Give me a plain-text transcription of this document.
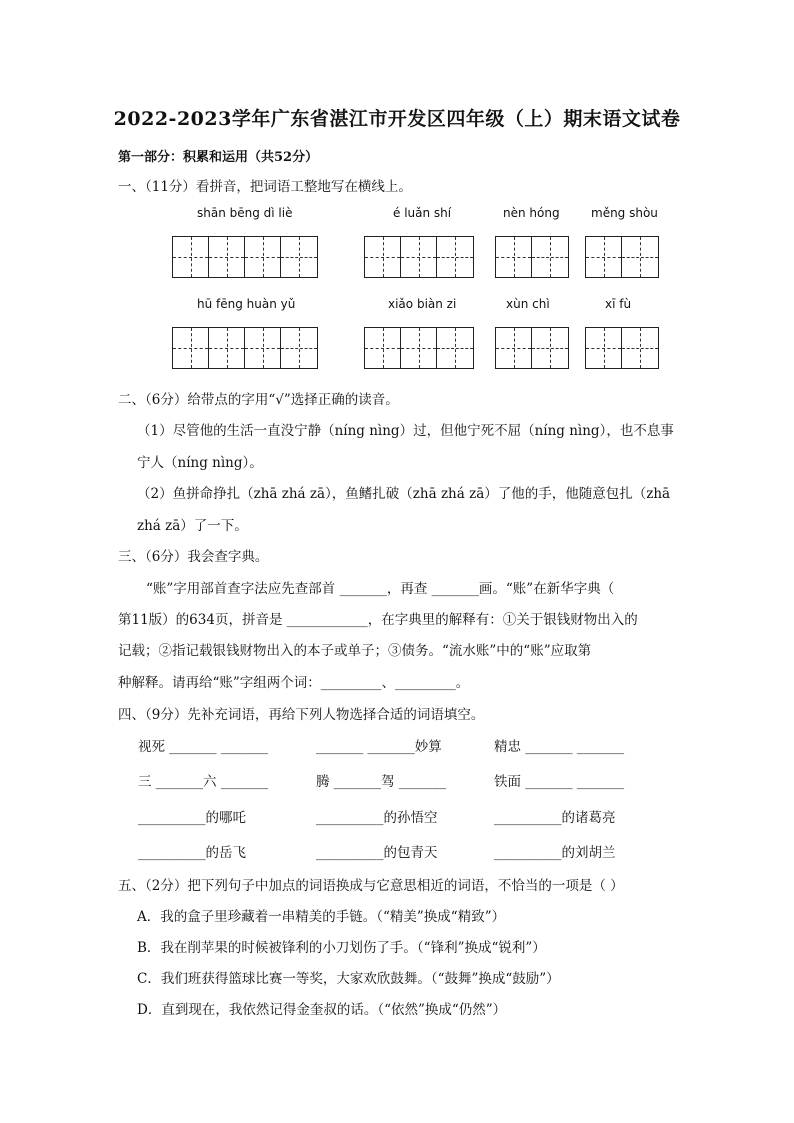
2022-2023学年广东省湛江市开发区四年级（上）期末语文试卷
第一部分：积累和运用（共52分）
一、（11分）看拼音，把词语工整地写在横线上。
shān bēng dì liè	é luǎn shí	nèn hóng	měng shòu
hū fēng huàn yǔ	xiǎo biàn zi	xùn chì	xī fù
二、（6分）给带点的字用“√”选择正确的读音。
（1）尽管他的生活一直没宁静（níng nìng）过，但他宁死不屈（níng nìng），也不息事
宁人（níng nìng）。
（2）鱼拼命挣扎（zhā zhá zā），鱼鳍扎破（zhā zhá zā）了他的手，他随意包扎（zhā
zhá zā）了一下。
三、（6分）我会查字典。
“账”字用部首查字法应先查部首 _______，再查 _______画。“账”在新华字典（
第11版）的634页，拼音是 ____________，在字典里的解释有：①关于银钱财物出入的
记载；②指记载银钱财物出入的本子或单子；③债务。“流水账”中的“账”应取第
种解释。请再给“账”字组两个词：_________、_________。
四、（9分）先补充词语，再给下列人物选择合适的词语填空。
视死 _______ _______	_______ _______妙算	精忠 _______ _______
三 _______六 _______	腾 _______驾 _______	铁面 _______ _______
__________的哪吒	__________的孙悟空	__________的诸葛亮
__________的岳飞	__________的包青天	__________的刘胡兰
五、（2分）把下列句子中加点的词语换成与它意思相近的词语，不恰当的一项是（ ）
A．我的盒子里珍藏着一串精美的手链。（“精美”换成“精致”）
B．我在削苹果的时候被锋利的小刀划伤了手。（“锋利”换成“锐利”）
C．我们班获得篮球比赛一等奖，大家欢欣鼓舞。（“鼓舞”换成“鼓励”）
D．直到现在，我依然记得金奎叔的话。（“依然”换成“仍然”）
